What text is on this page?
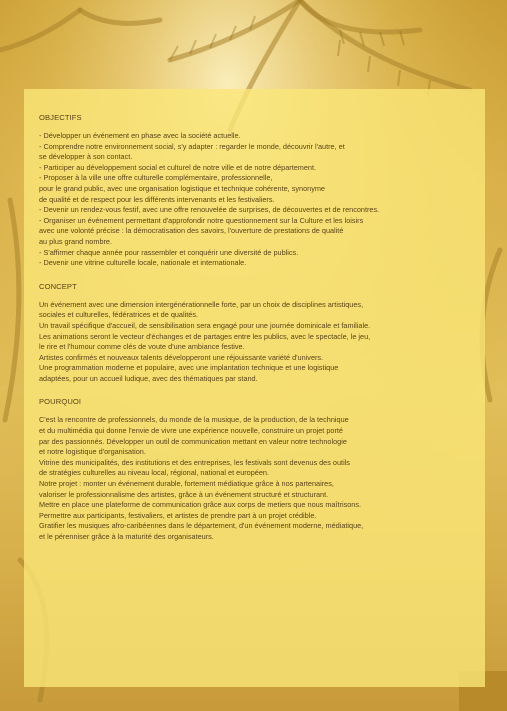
OBJECTIFS
- Développer un événement en phase avec la société actuelle.
- Comprendre notre environnement social, s'y adapter : regarder le monde, découvrir l'autre, et
se développer à son contact.
- Participer au développement social et culturel de notre ville et de notre département.
- Proposer à la ville une offre culturelle complémentaire, professionnelle,
pour le grand public, avec une organisation logistique et technique cohérente, synonyme
de qualité et de respect pour les différents intervenants et les festivaliers.
- Devenir un rendez-vous festif, avec une offre renouvelée de surprises, de découvertes et de rencontres.
- Organiser un événement permettant d'approfondir notre questionnement sur la Culture et les loisirs
avec une volonté précise : la démocratisation des savoirs, l'ouverture de prestations de qualité
au plus grand nombre.
- S'affirmer chaque année pour rassembler et conquérir une diversité de publics.
- Devenir une vitrine culturelle locale, nationale et internationale.
CONCEPT

Un événement avec une dimension intergénérationnelle forte, par un choix de disciplines artistiques,

sociales et culturelles, fédératrices et de qualités.

Un travail spécifique d'accueil, de sensibilisation sera engagé pour une journée dominicale et familiale.

Les animations seront le vecteur d'échanges et de partages entre les publics, avec le spectacle, le jeu,

le rire et l'humour comme clés de voute d'une ambiance festive.

Artistes confirmés et nouveaux talents développeront une réjouissante variété d'univers.

Une programmation moderne et populaire, avec une implantation technique et une logistique

adaptées, pour un accueil ludique, avec des thématiques par stand.

POURQUOI

C'est la rencontre de professionnels, du monde de la musique, de la production, de la technique

et du multimédia qui donne l'envie de vivre une expérience nouvelle, construire un projet porté

par des passionnés. Développer un outil de communication mettant en valeur notre technologie

et notre logistique d'organisation.

Vitrine des municipalités, des institutions et des entreprises, les festivals sont devenus des outils

de stratégies culturelles au niveau local, régional, national et européen.

Notre projet : monter un événement durable, fortement médiatique grâce à nos partenaires,

valoriser le professionnalisme des artistes, grâce à un événement structuré et structurant.

Mettre en place une plateforme de communication grâce aux corps de metiers que nous maîtrisons.

Permettre aux participants, festivaliers, et artistes de prendre part à un projet crédible.

Gratifier les musiques afro-caribéennes dans le département, d'un événement moderne, médiatique,

et le pérenniser grâce à la maturité des organisateurs.
